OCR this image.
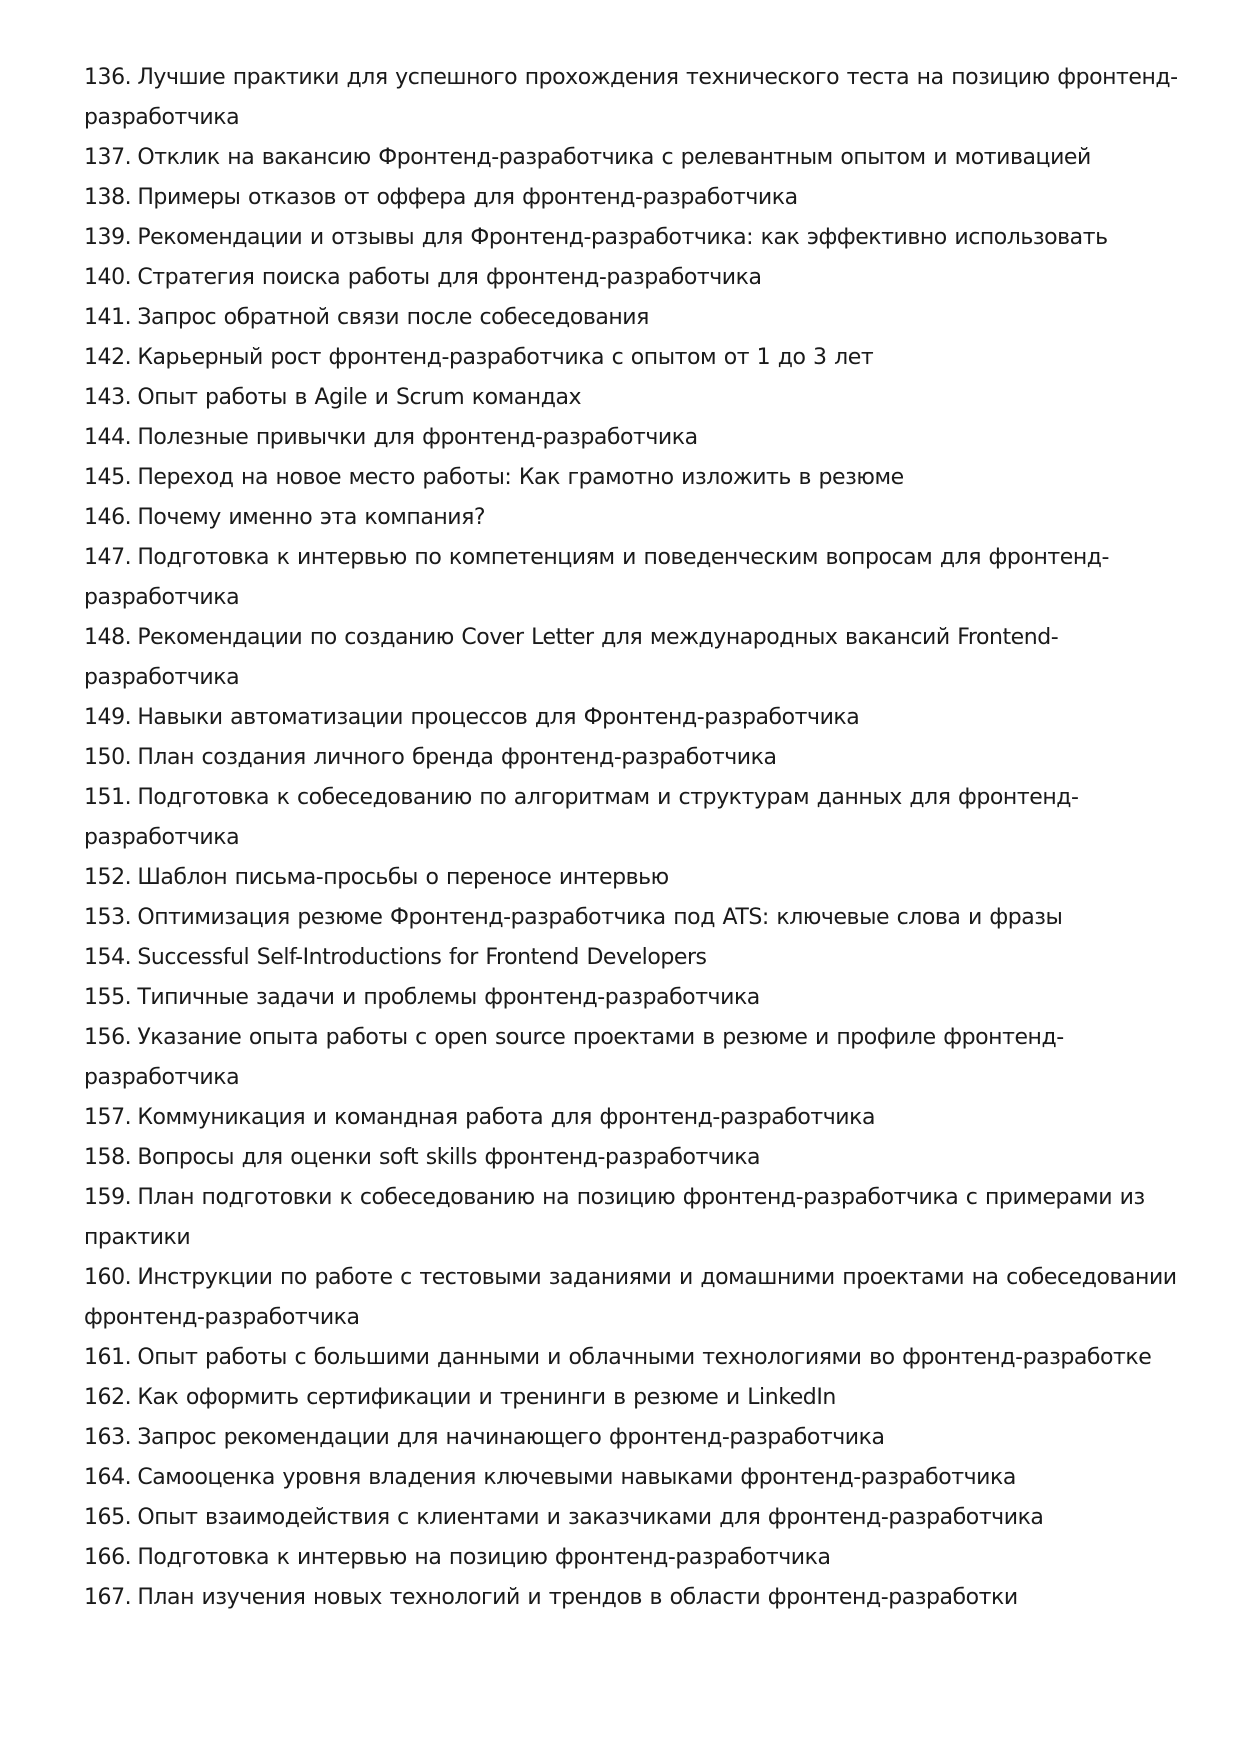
136. Лучшие практики для успешного прохождения технического теста на позицию фронтенд-разработчика
137. Отклик на вакансию Фронтенд-разработчика с релевантным опытом и мотивацией
138. Примеры отказов от оффера для фронтенд-разработчика
139. Рекомендации и отзывы для Фронтенд-разработчика: как эффективно использовать
140. Стратегия поиска работы для фронтенд-разработчика
141. Запрос обратной связи после собеседования
142. Карьерный рост фронтенд-разработчика с опытом от 1 до 3 лет
143. Опыт работы в Agile и Scrum командах
144. Полезные привычки для фронтенд-разработчика
145. Переход на новое место работы: Как грамотно изложить в резюме
146. Почему именно эта компания?
147. Подготовка к интервью по компетенциям и поведенческим вопросам для фронтенд-разработчика
148. Рекомендации по созданию Cover Letter для международных вакансий Frontend-разработчика
149. Навыки автоматизации процессов для Фронтенд-разработчика
150. План создания личного бренда фронтенд-разработчика
151. Подготовка к собеседованию по алгоритмам и структурам данных для фронтенд-разработчика
152. Шаблон письма-просьбы о переносе интервью
153. Оптимизация резюме Фронтенд-разработчика под ATS: ключевые слова и фразы
154. Successful Self-Introductions for Frontend Developers
155. Типичные задачи и проблемы фронтенд-разработчика
156. Указание опыта работы с open source проектами в резюме и профиле фронтенд-разработчика
157. Коммуникация и командная работа для фронтенд-разработчика
158. Вопросы для оценки soft skills фронтенд-разработчика
159. План подготовки к собеседованию на позицию фронтенд-разработчика с примерами из практики
160. Инструкции по работе с тестовыми заданиями и домашними проектами на собеседовании фронтенд-разработчика
161. Опыт работы с большими данными и облачными технологиями во фронтенд-разработке
162. Как оформить сертификации и тренинги в резюме и LinkedIn
163. Запрос рекомендации для начинающего фронтенд-разработчика
164. Самооценка уровня владения ключевыми навыками фронтенд-разработчика
165. Опыт взаимодействия с клиентами и заказчиками для фронтенд-разработчика
166. Подготовка к интервью на позицию фронтенд-разработчика
167. План изучения новых технологий и трендов в области фронтенд-разработки
